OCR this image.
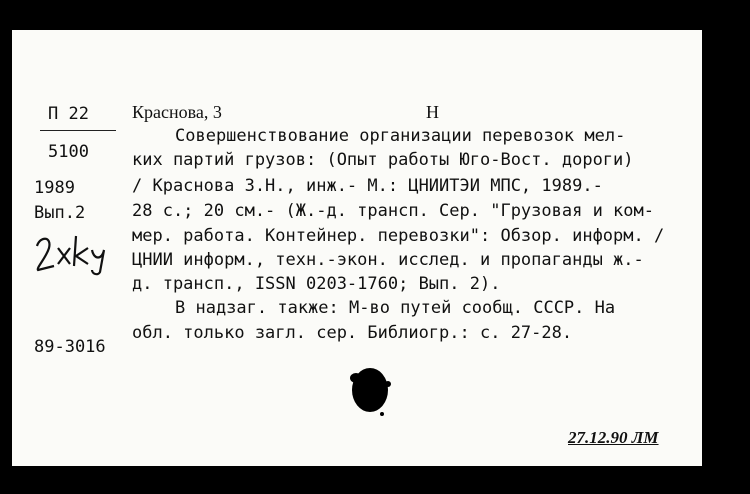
П 22
5100
1989
Вып.2
89-3016
Краснова, 3	Н
Совершенствование организации перевозок мел-
ких партий грузов: (Опыт работы Юго-Вост. дороги)
/ Краснова З.Н., инж.- М.: ЦНИИТЭИ МПС, 1989.-
28 с.; 20 см.- (Ж.-д. трансп. Сер. "Грузовая и ком-
мер. работа. Контейнер. перевозки": Обзор. информ. /
ЦНИИ информ., техн.-экон. исслед. и пропаганды ж.-
д. трансп., ISSN 0203-1760; Вып. 2).
В надзаг. также: М-во путей сообщ. СССР. На
обл. только загл. сер. Библиогр.: с. 27-28.
27.12.90 ЛМ
